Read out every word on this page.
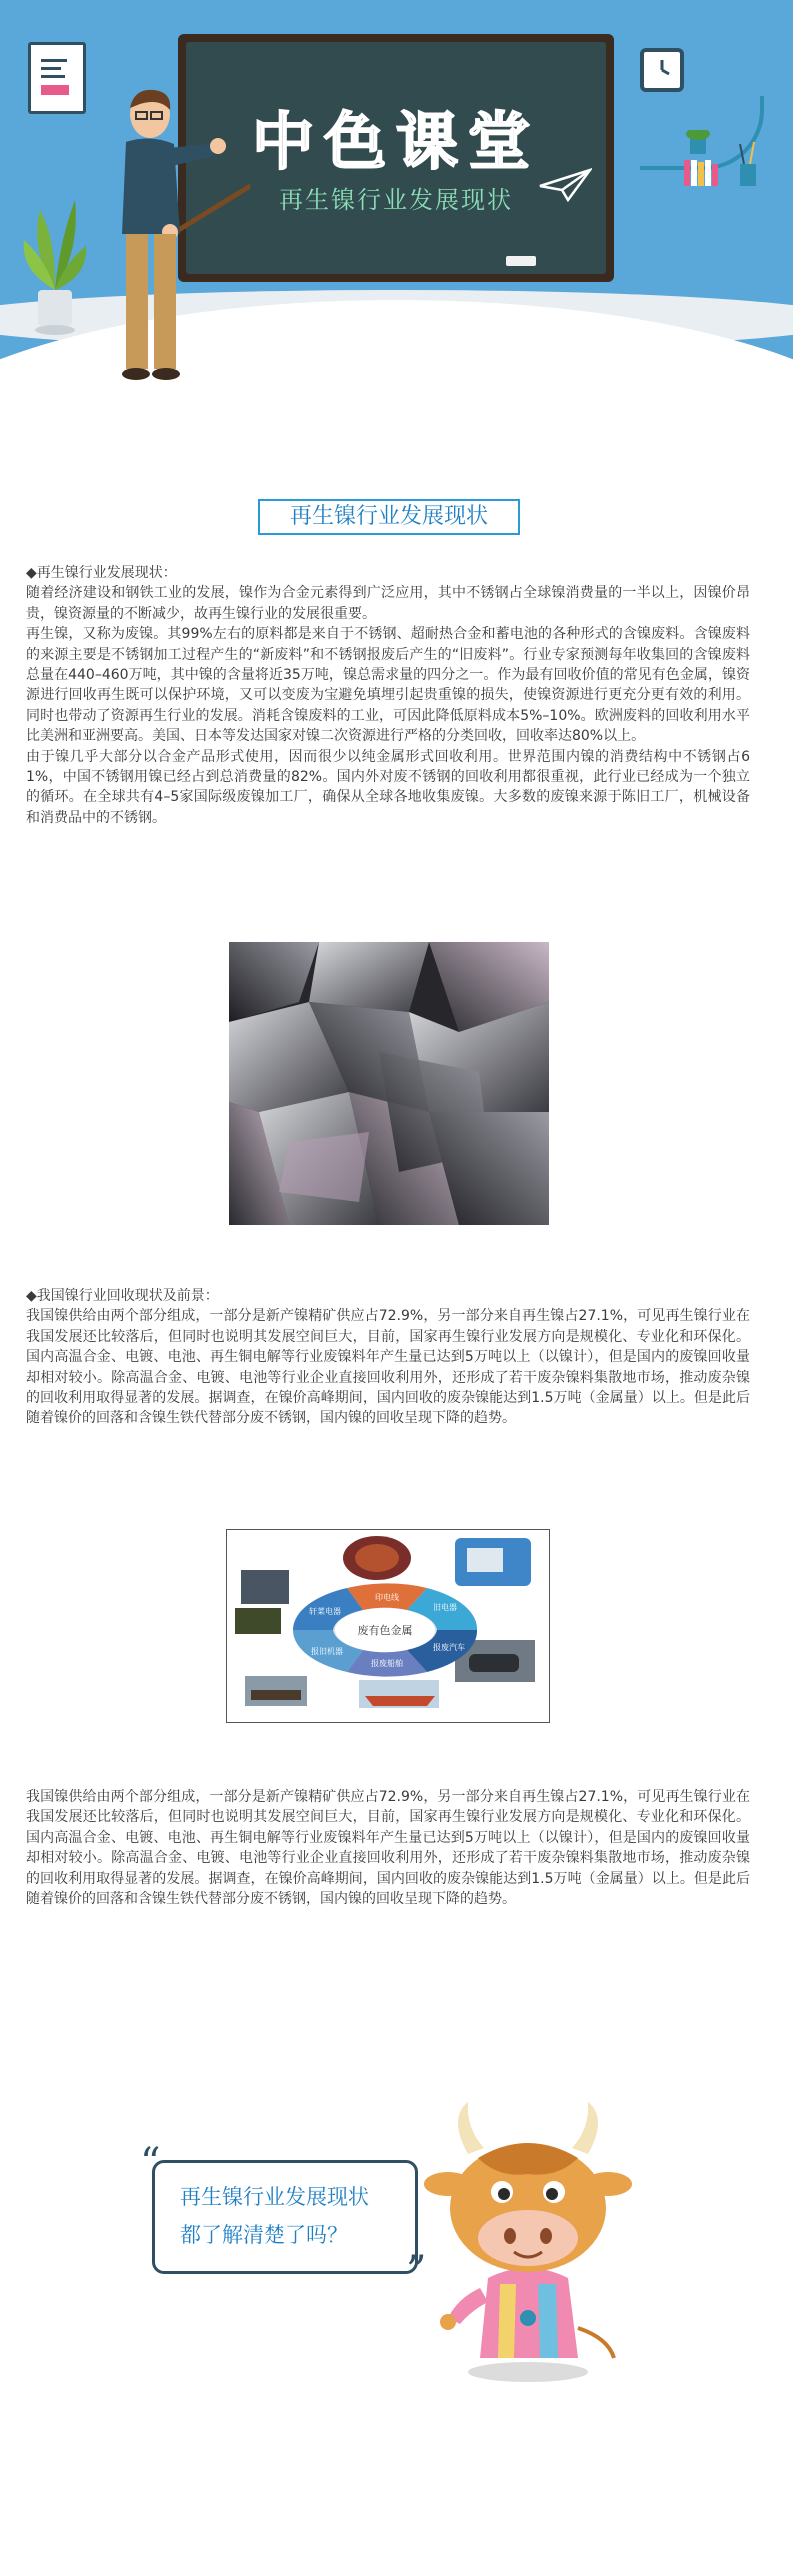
中色课堂
再生镍行业发展现状
再生镍行业发展现状

◆再生镍行业发展现状：

随着经济建设和钢铁工业的发展，镍作为合金元素得到广泛应用，其中不锈钢占全球镍消费量的一半以上，因镍价昂贵，镍资源量的不断减少，故再生镍行业的发展很重要。

再生镍，又称为废镍。其99%左右的原料都是来自于不锈钢、超耐热合金和蓄电池的各种形式的含镍废料。含镍废料的来源主要是不锈钢加工过程产生的“新废料”和不锈钢报废后产生的“旧废料”。行业专家预测每年收集回的含镍废料总量在440–460万吨，其中镍的含量将近35万吨，镍总需求量的四分之一。作为最有回收价值的常见有色金属，镍资源进行回收再生既可以保护环境，又可以变废为宝避免填埋引起贵重镍的损失，使镍资源进行更充分更有效的利用。同时也带动了资源再生行业的发展。消耗含镍废料的工业，可因此降低原料成本5%–10%。欧洲废料的回收利用水平比美洲和亚洲要高。美国、日本等发达国家对镍二次资源进行严格的分类回收，回收率达80%以上。

由于镍几乎大部分以合金产品形式使用，因而很少以纯金属形式回收利用。世界范围内镍的消费结构中不锈钢占61%，中国不锈钢用镍已经占到总消费量的82%。国内外对废不锈钢的回收利用都很重视，此行业已经成为一个独立的循环。在全球共有4–5家国际级废镍加工厂，确保从全球各地收集废镍。大多数的废镍来源于陈旧工厂，机械设备和消费品中的不锈钢。

◆我国镍行业回收现状及前景：

我国镍供给由两个部分组成，一部分是新产镍精矿供应占72.9%，另一部分来自再生镍占27.1%，可见再生镍行业在我国发展还比较落后，但同时也说明其发展空间巨大，目前，国家再生镍行业发展方向是规模化、专业化和环保化。国内高温合金、电镀、电池、再生铜电解等行业废镍料年产生量已达到5万吨以上（以镍计），但是国内的废镍回收量却相对较小。除高温合金、电镀、电池等行业企业直接回收利用外，还形成了若干废杂镍料集散地市场，推动废杂镍的回收利用取得显著的发展。据调查，在镍价高峰期间，国内回收的废杂镍能达到1.5万吨（金属量）以上。但是此后随着镍价的回落和含镍生铁代替部分废不锈钢，国内镍的回收呈现下降的趋势。

废有色金属
印电线
旧电器
报废汽车
报废船舶
报旧机器
轩菜电器

我国镍供给由两个部分组成，一部分是新产镍精矿供应占72.9%，另一部分来自再生镍占27.1%，可见再生镍行业在我国发展还比较落后，但同时也说明其发展空间巨大，目前，国家再生镍行业发展方向是规模化、专业化和环保化。国内高温合金、电镀、电池、再生铜电解等行业废镍料年产生量已达到5万吨以上（以镍计），但是国内的废镍回收量却相对较小。除高温合金、电镀、电池等行业企业直接回收利用外，还形成了若干废杂镍料集散地市场，推动废杂镍的回收利用取得显著的发展。据调查，在镍价高峰期间，国内回收的废杂镍能达到1.5万吨（金属量）以上。但是此后随着镍价的回落和含镍生铁代替部分废不锈钢，国内镍的回收呈现下降的趋势。

“
”
再生镍行业发展现状
都了解清楚了吗？
